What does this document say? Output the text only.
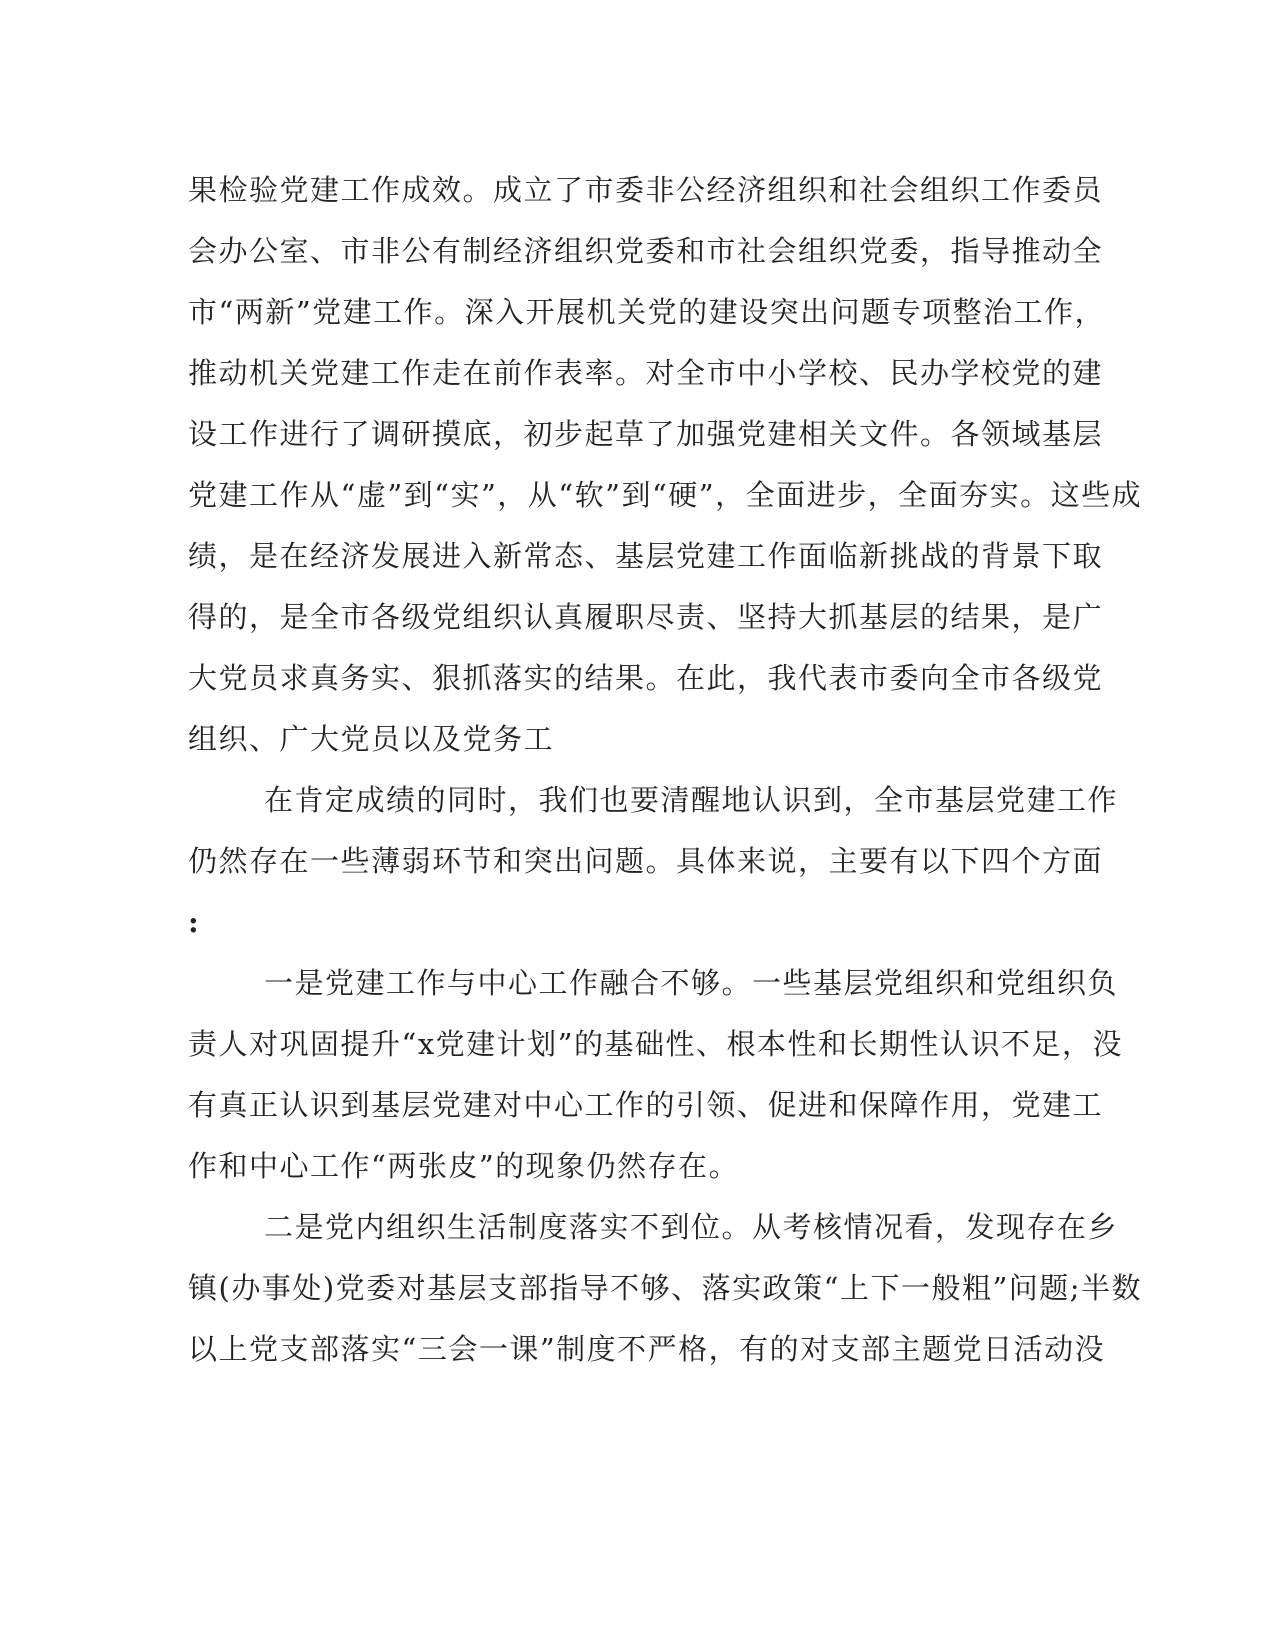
果检验党建工作成效。成立了市委非公经济组织和社会组织工作委员
会办公室、市非公有制经济组织党委和市社会组织党委，指导推动全
市“两新”党建工作。深入开展机关党的建设突出问题专项整治工作，
推动机关党建工作走在前作表率。对全市中小学校、民办学校党的建
设工作进行了调研摸底，初步起草了加强党建相关文件。各领域基层
党建工作从“虚”到“实”，从“软”到“硬”，全面进步，全面夯实。这些成
绩，是在经济发展进入新常态、基层党建工作面临新挑战的背景下取
得的，是全市各级党组织认真履职尽责、坚持大抓基层的结果，是广
大党员求真务实、狠抓落实的结果。在此，我代表市委向全市各级党
组织、广大党员以及党务工
在肯定成绩的同时，我们也要清醒地认识到，全市基层党建工作
仍然存在一些薄弱环节和突出问题。具体来说，主要有以下四个方面
:
一是党建工作与中心工作融合不够。一些基层党组织和党组织负
责人对巩固提升“x党建计划”的基础性、根本性和长期性认识不足，没
有真正认识到基层党建对中心工作的引领、促进和保障作用，党建工
作和中心工作“两张皮”的现象仍然存在。
二是党内组织生活制度落实不到位。从考核情况看，发现存在乡
镇(办事处)党委对基层支部指导不够、落实政策“上下一般粗”问题;半数
以上党支部落实“三会一课”制度不严格，有的对支部主题党日活动没
